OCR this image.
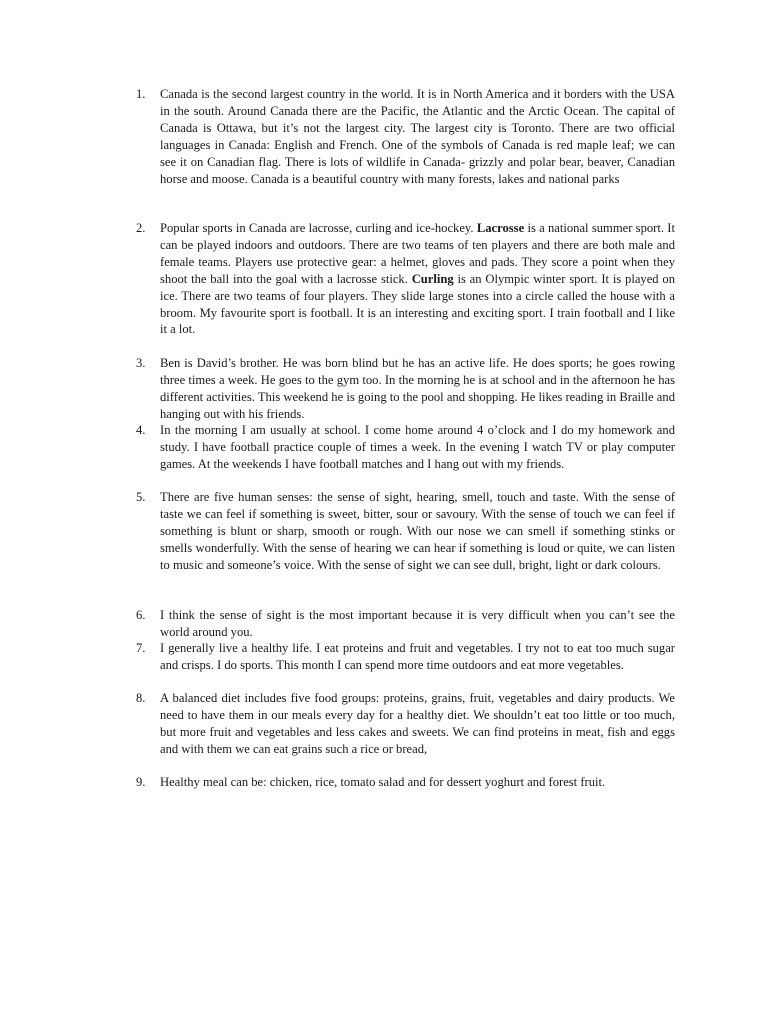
1.	Canada is the second largest country in the world. It is in North America and it borders with the USA in the south. Around Canada there are the Pacific, the Atlantic and the Arctic Ocean. The capital of Canada is Ottawa, but it’s not the largest city. The largest city is Toronto. There are two official languages in Canada: English and French. One of the symbols of Canada is red maple leaf; we can see it on Canadian flag. There is lots of wildlife in Canada- grizzly and polar bear, beaver, Canadian horse and moose. Canada is a beautiful country with many forests, lakes and national parks
2.	Popular sports in Canada are lacrosse, curling and ice-hockey. Lacrosse is a national summer sport. It can be played indoors and outdoors. There are two teams of ten players and there are both male and female teams. Players use protective gear: a helmet, gloves and pads. They score a point when they shoot the ball into the goal with a lacrosse stick. Curling is an Olympic winter sport. It is played on ice. There are two teams of four players. They slide large stones into a circle called the house with a broom. My favourite sport is football. It is an interesting and exciting sport. I train football and I like it a lot.
3.	Ben is David’s brother. He was born blind but he has an active life. He does sports; he goes rowing three times a week. He goes to the gym too. In the morning he is at school and in the afternoon he has different activities. This weekend he is going to the pool and shopping. He likes reading in Braille and hanging out with his friends.
4.	In the morning I am usually at school. I come home around 4 o’clock and I do my homework and study. I have football practice couple of times a week. In the evening I watch TV or play computer games. At the weekends I have football matches and I hang out with my friends.
5.	There are five human senses: the sense of sight, hearing, smell, touch and taste. With the sense of taste we can feel if something is sweet, bitter, sour or savoury. With the sense of touch we can feel if something is blunt or sharp, smooth or rough. With our nose we can smell if something stinks or smells wonderfully. With the sense of hearing we can hear if something is loud or quite, we can listen to music and someone’s voice. With the sense of sight we can see dull, bright, light or dark colours.
6.	I think the sense of sight is the most important because it is very difficult when you can’t see the world around you.
7.	I generally live a healthy life. I eat proteins and fruit and vegetables. I try not to eat too much sugar and crisps. I do sports. This month I can spend more time outdoors and eat more vegetables.
8.	A balanced diet includes five food groups: proteins, grains, fruit, vegetables and dairy products. We need to have them in our meals every day for a healthy diet. We shouldn’t eat too little or too much, but more fruit and vegetables and less cakes and sweets. We can find proteins in meat, fish and eggs and with them we can eat grains such a rice or bread,
9.	Healthy meal can be: chicken, rice, tomato salad and for dessert yoghurt and forest fruit.
